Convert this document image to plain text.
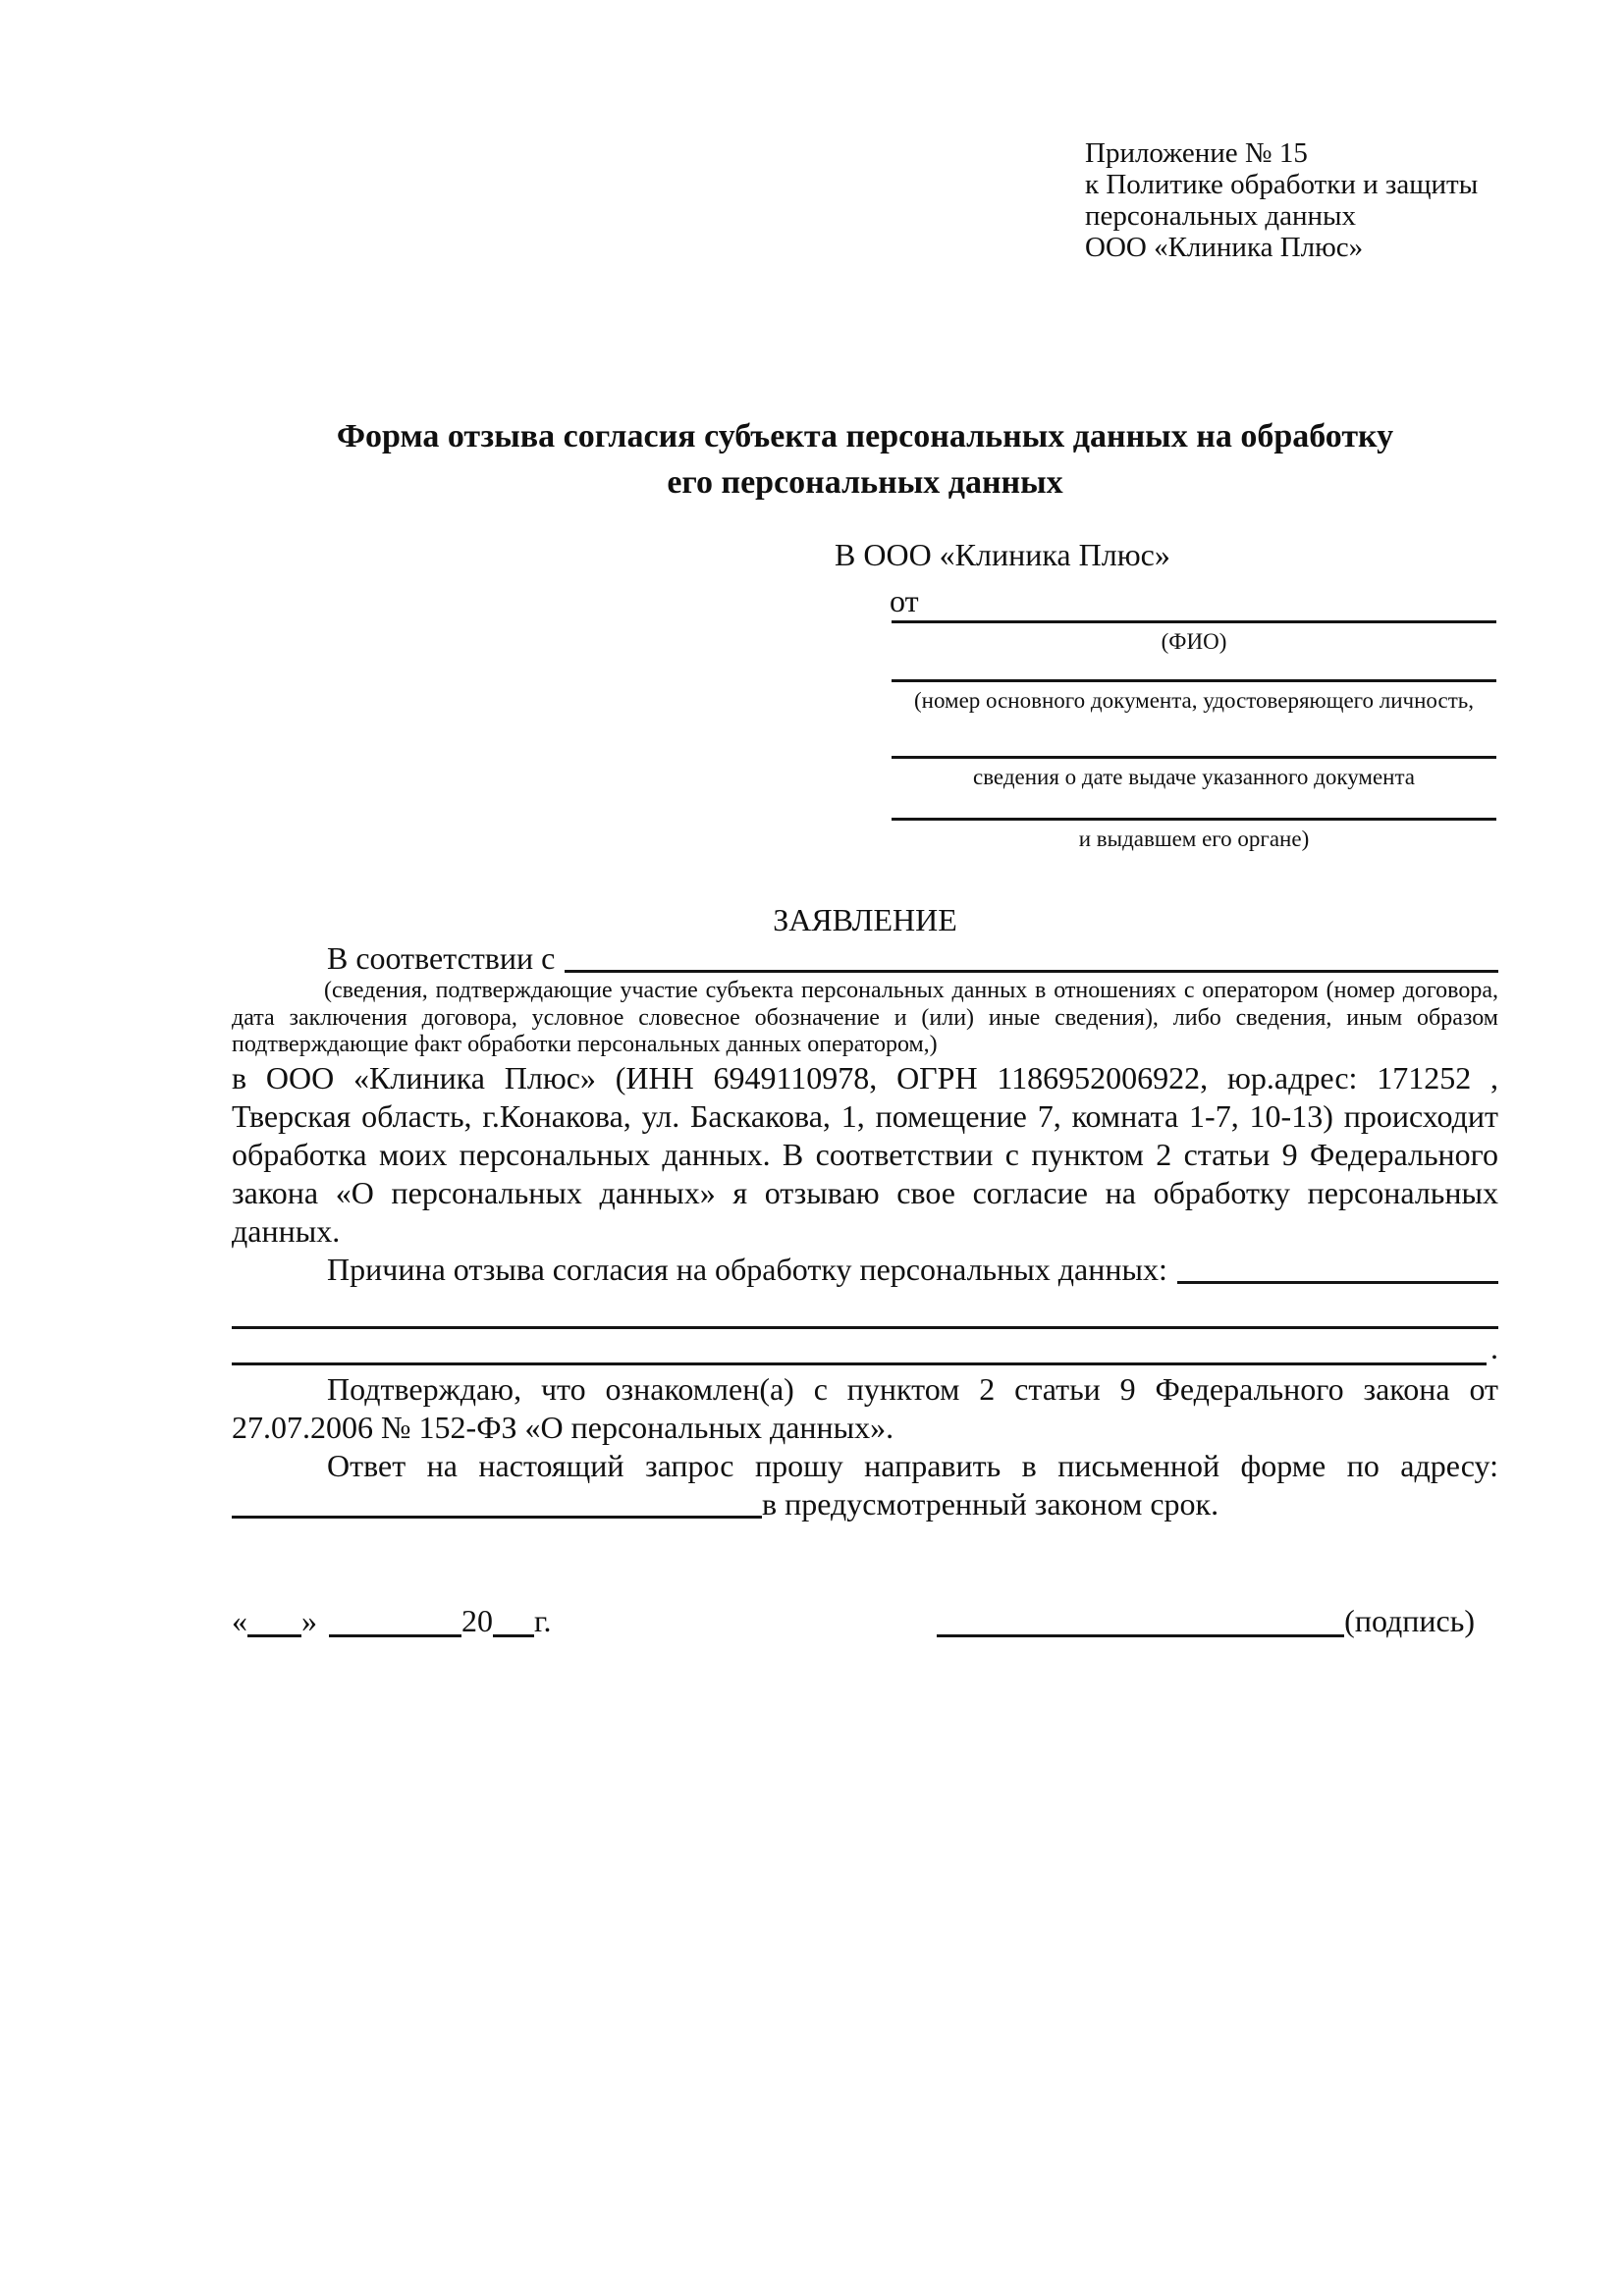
Приложение № 15
к Политике обработки и защиты
персональных данных
ООО «Клиника Плюс»
Форма отзыва согласия субъекта персональных данных на обработку
его персональных данных
В ООО «Клиника Плюс»
от
(ФИО)
(номер основного документа, удостоверяющего личность,
сведения о дате выдаче указанного документа
и выдавшем его органе)
ЗАЯВЛЕНИЕ
В соответствии с
(сведения, подтверждающие участие субъекта персональных данных в отношениях с оператором (номер договора, дата заключения договора, условное словесное обозначение и (или) иные сведения), либо сведения, иным образом подтверждающие факт обработки персональных данных оператором,)
в ООО «Клиника Плюс» (ИНН 6949110978, ОГРН 1186952006922, юр.адрес: 171252 , Тверская область, г.Конакова, ул. Баскакова, 1, помещение 7, комната 1-7, 10-13) происходит обработка моих персональных данных. В соответствии с пунктом 2 статьи 9 Федерального закона «О персональных данных» я отзываю свое согласие на обработку персональных данных.
Причина отзыва согласия на обработку персональных данных:
.
Подтверждаю, что ознакомлен(а) с пунктом 2 статьи 9 Федерального закона от 27.07.2006 № 152-ФЗ «О персональных данных».
Ответ на настоящий запрос прошу направить в письменной форме по адресу:
в предусмотренный законом срок.
« »	20 г.	(подпись)
